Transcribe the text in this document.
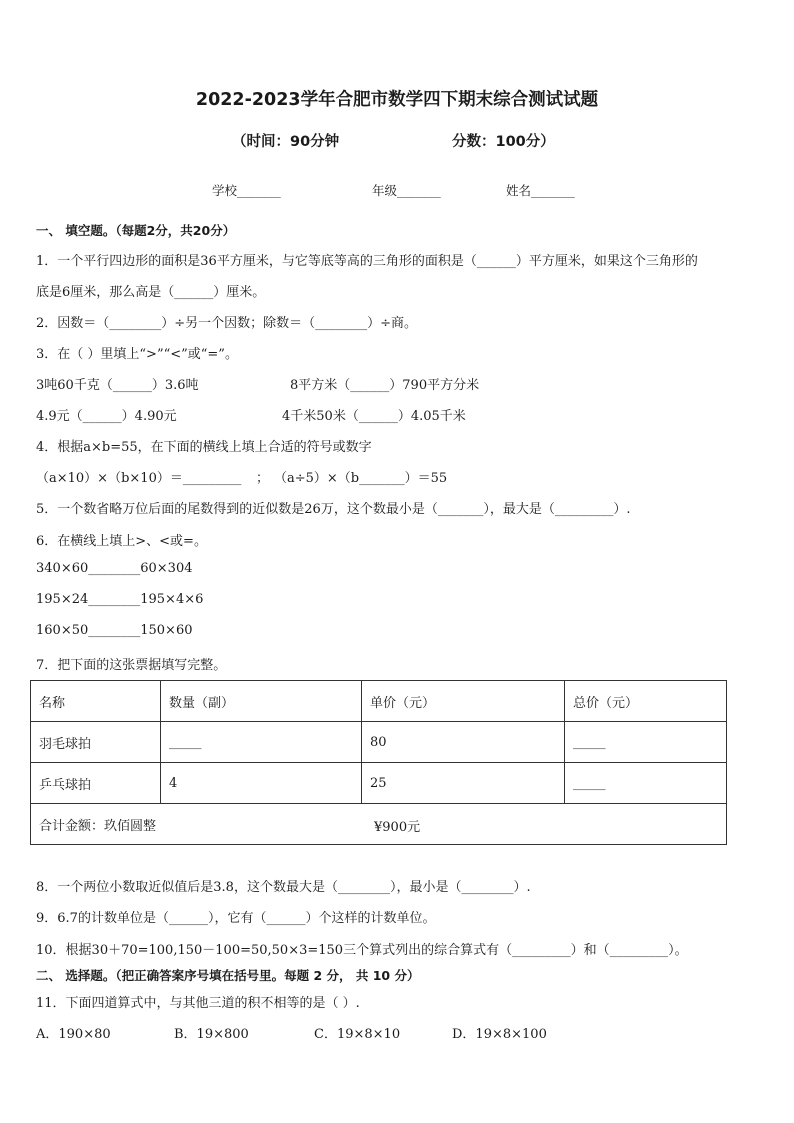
2022-2023学年合肥市数学四下期末综合测试试题
（时间：90分钟	分数：100分）
学校_______	年级_______	姓名_______
一、 填空题。（每题2分，共20分）
1．一个平行四边形的面积是36平方厘米，与它等底等高的三角形的面积是（______）平方厘米，如果这个三角形的
底是6厘米，那么高是（______）厘米。
2．因数＝（________）÷另一个因数；除数＝（________）÷商。
3．在（ ）里填上“>”“<”或“=”。
3吨60千克（______）3.6吨	8平方米（______）790平方分米
4.9元（______）4.90元	4千米50米（______）4.05千米
4．根据a×b=55，在下面的横线上填上合适的符号或数字
（a×10）×（b×10）＝_________ ； （a÷5）×（b_______）＝55
5．一个数省略万位后面的尾数得到的近似数是26万，这个数最小是（_______），最大是（_________）.
6．在横线上填上>、<或=。
340×60________60×304
195×24________195×4×6
160×50________150×60
7．把下面的这张票据填写完整。
名称	数量（副）	单价（元）	总价（元）
羽毛球拍	_____	80	_____
乒乓球拍	4	25	_____
合计金额：玖佰圆整 ¥900元			
8．一个两位小数取近似值后是3.8，这个数最大是（________），最小是（________）.
9．6.7的计数单位是（______），它有（______）个这样的计数单位。
10．根据30＋70=100,150－100=50,50×3=150三个算式列出的综合算式有（_________）和（_________）。
二、 选择题。（把正确答案序号填在括号里。每题 2 分， 共 10 分）
11．下面四道算式中，与其他三道的积不相等的是（ ）.
A．190×80	B．19×800	C．19×8×10	D．19×8×100
